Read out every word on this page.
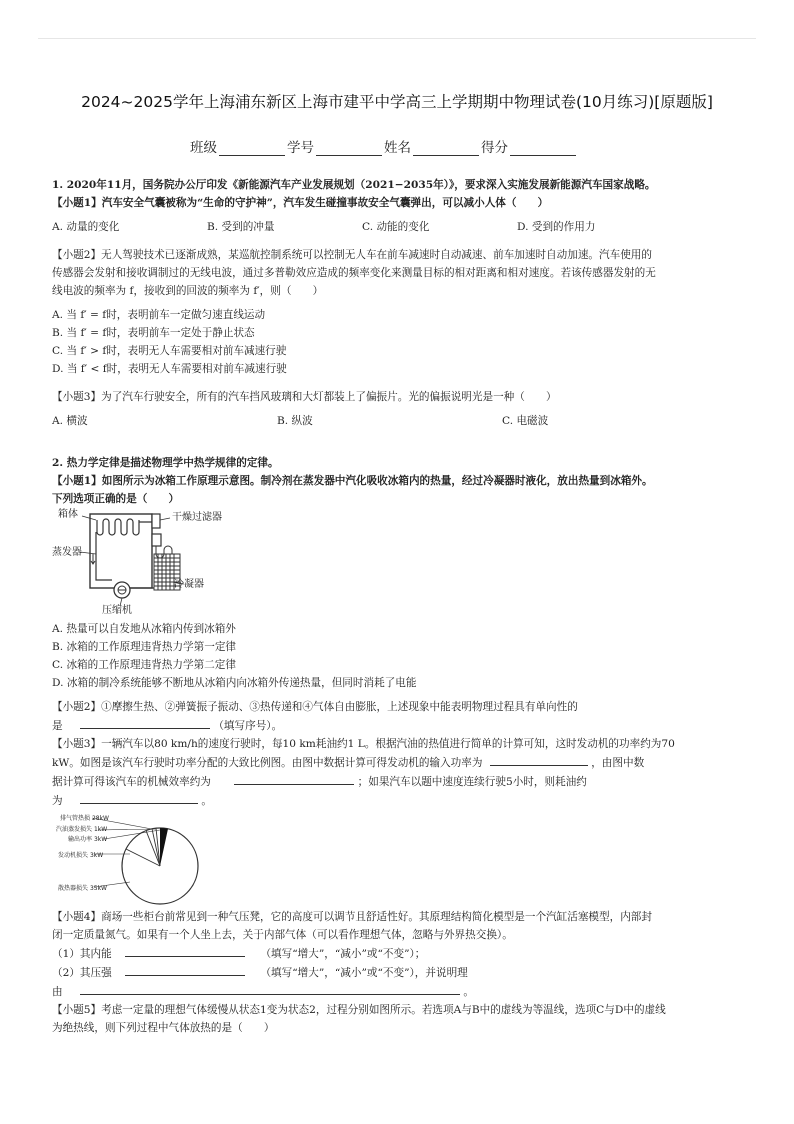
2024~2025学年上海浦东新区上海市建平中学高三上学期期中物理试卷(10月练习)[原题版]
班级	学号	姓名	得分

1. 2020年11月，国务院办公厅印发《新能源汽车产业发展规划（2021−2035年）》，要求深入实施发展新能源汽车国家战略。

【小题1】汽车安全气囊被称为“生命的守护神”，汽车发生碰撞事故安全气囊弹出，可以减小人体（　　）

A. 动量的变化	B. 受到的冲量	C. 动能的变化	D. 受到的作用力

【小题2】无人驾驶技术已逐渐成熟，某巡航控制系统可以控制无人车在前车减速时自动减速、前车加速时自动加速。汽车使用的

传感器会发射和接收调制过的无线电波，通过多普勒效应造成的频率变化来测量目标的相对距离和相对速度。若该传感器发射的无

线电波的频率为 f，接收到的回波的频率为 f′，则（　　）

A. 当 f′ = f时，表明前车一定做匀速直线运动

B. 当 f′ = f时，表明前车一定处于静止状态

C. 当 f′ > f时，表明无人车需要相对前车减速行驶

D. 当 f′ < f时，表明无人车需要相对前车减速行驶

【小题3】为了汽车行驶安全，所有的汽车挡风玻璃和大灯都装上了偏振片。光的偏振说明光是一种（　　）

A. 横波	B. 纵波	C. 电磁波

2. 热力学定律是描述物理学中热学规律的定律。

【小题1】如图所示为冰箱工作原理示意图。制冷剂在蒸发器中汽化吸收冰箱内的热量，经过冷凝器时液化，放出热量到冰箱外。

下列选项正确的是（　　）

箱体	干燥过滤器
蒸发器
冷凝器
压缩机

A. 热量可以自发地从冰箱内传到冰箱外

B. 冰箱的工作原理违背热力学第一定律

C. 冰箱的工作原理违背热力学第二定律

D. 冰箱的制冷系统能够不断地从冰箱内向冰箱外传递热量，但同时消耗了电能

【小题2】①摩擦生热、②弹簧振子振动、③热传递和④气体自由膨胀，上述现象中能表明物理过程具有单向性的

是	（填写序号）。

【小题3】一辆汽车以80 km/h的速度行驶时，每10 km耗油约1 L。根据汽油的热值进行简单的计算可知，这时发动机的功率约为70

kW。如图是该汽车行驶时功率分配的大致比例图。由图中数据计算可得发动机的输入功率为	，由图中数

据计算可得该汽车的机械效率约为	；如果汽车以题中速度连续行驶5小时，则耗油约

为	。

排气管热损 28kW
汽油蒸发损失 1kW
输出功率 3kW
发动机损失 3kW
散热器损失 35kW

【小题4】商场一些柜台前常见到一种气压凳，它的高度可以调节且舒适性好。其原理结构简化模型是一个汽缸活塞模型，内部封

闭一定质量氮气。如果有一个人坐上去，关于内部气体（可以看作理想气体，忽略与外界热交换）。

（1）其内能	（填写“增大”，“减小”或“不变”）；

（2）其压强	（填写“增大”，“减小”或“不变”），并说明理

由	。

【小题5】考虑一定量的理想气体缓慢从状态1变为状态2，过程分别如图所示。若选项A与B中的虚线为等温线，选项C与D中的虚线

为绝热线，则下列过程中气体放热的是（　　）
